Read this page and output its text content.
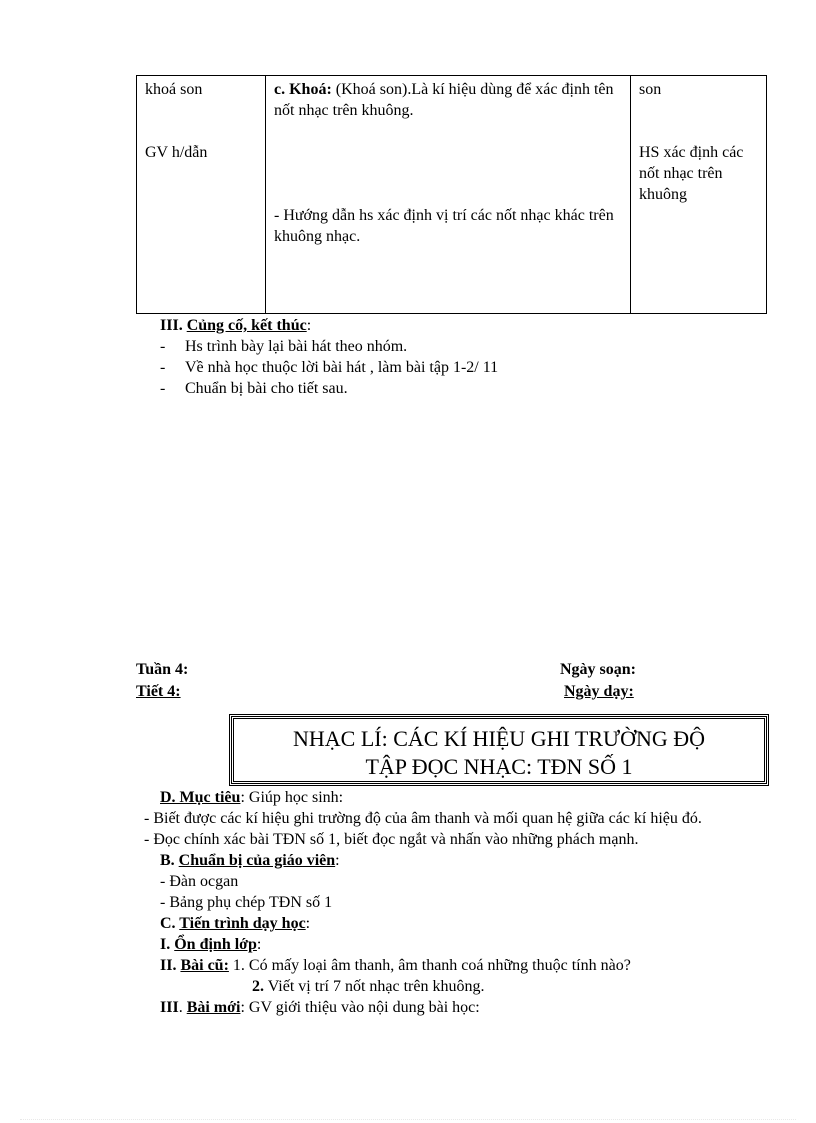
khoá son
GV h/dẫn

c. Khoá: (Khoá son).Là kí hiệu dùng để xác định tên nốt nhạc trên khuông.
- Hướng dẫn hs xác định vị trí các nốt nhạc khác trên khuông nhạc.

son
HS xác định các nốt nhạc trên khuông
III. Củng cố, kết thúc:
- Hs trình bày lại bài hát theo nhóm.
- Về nhà học thuộc lời bài hát , làm bài tập 1-2/ 11
- Chuẩn bị bài cho tiết sau.
Tuần 4:
Tiết 4:
Ngày soạn:
Ngày dạy:
NHẠC LÍ: CÁC KÍ HIỆU GHI TRƯỜNG ĐỘ
TẬP ĐỌC NHẠC: TĐN SỐ 1
D. Mục tiêu: Giúp học sinh:
- Biết được các kí hiệu ghi trường độ của âm thanh và mối quan hệ giữa các kí hiệu đó.
- Đọc chính xác bài TĐN số 1, biết đọc ngắt và nhấn vào những phách mạnh.
B. Chuẩn bị của giáo viên:
- Đàn ocgan
- Bảng phụ chép TĐN số 1
C. Tiến trình dạy học:
I. Ổn định lớp:
II. Bài cũ: 1. Có mấy loại âm thanh, âm thanh coá những thuộc tính nào?
2. Viết vị trí 7 nốt nhạc trên khuông.
III. Bài mới: GV giới thiệu vào nội dung bài học:
